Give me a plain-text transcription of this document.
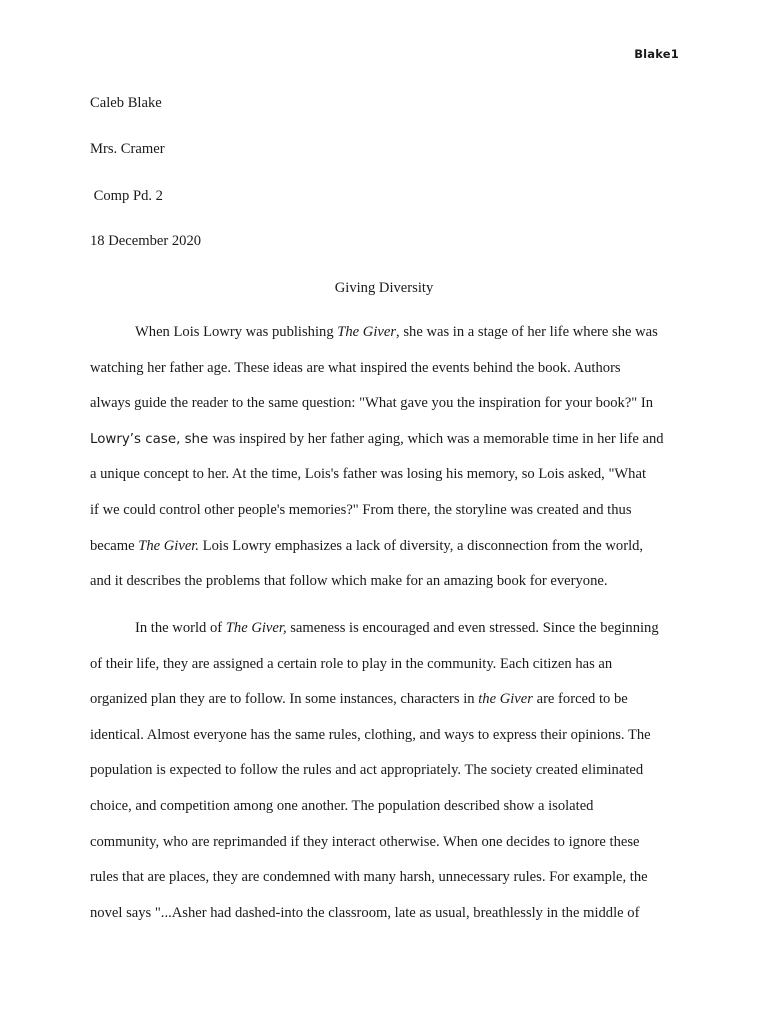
Blake1
Caleb Blake
Mrs. Cramer
Comp Pd. 2
18 December 2020
Giving Diversity
When Lois Lowry was publishing The Giver, she was in a stage of her life where she was
watching her father age. These ideas are what inspired the events behind the book. Authors
always guide the reader to the same question: "What gave you the inspiration for your book?" In
Lowry’s case, she was inspired by her father aging, which was a memorable time in her life and
a unique concept to her. At the time, Lois's father was losing his memory, so Lois asked, "What
if we could control other people's memories?" From there, the storyline was created and thus
became The Giver. Lois Lowry emphasizes a lack of diversity, a disconnection from the world,
and it describes the problems that follow which make for an amazing book for everyone.
In the world of The Giver, sameness is encouraged and even stressed. Since the beginning
of their life, they are assigned a certain role to play in the community. Each citizen has an
organized plan they are to follow. In some instances, characters in the Giver are forced to be
identical. Almost everyone has the same rules, clothing, and ways to express their opinions. The
population is expected to follow the rules and act appropriately. The society created eliminated
choice, and competition among one another. The population described show a isolated
community, who are reprimanded if they interact otherwise. When one decides to ignore these
rules that are places, they are condemned with many harsh, unnecessary rules. For example, the
novel says "...Asher had dashed-into the classroom, late as usual, breathlessly in the middle of
